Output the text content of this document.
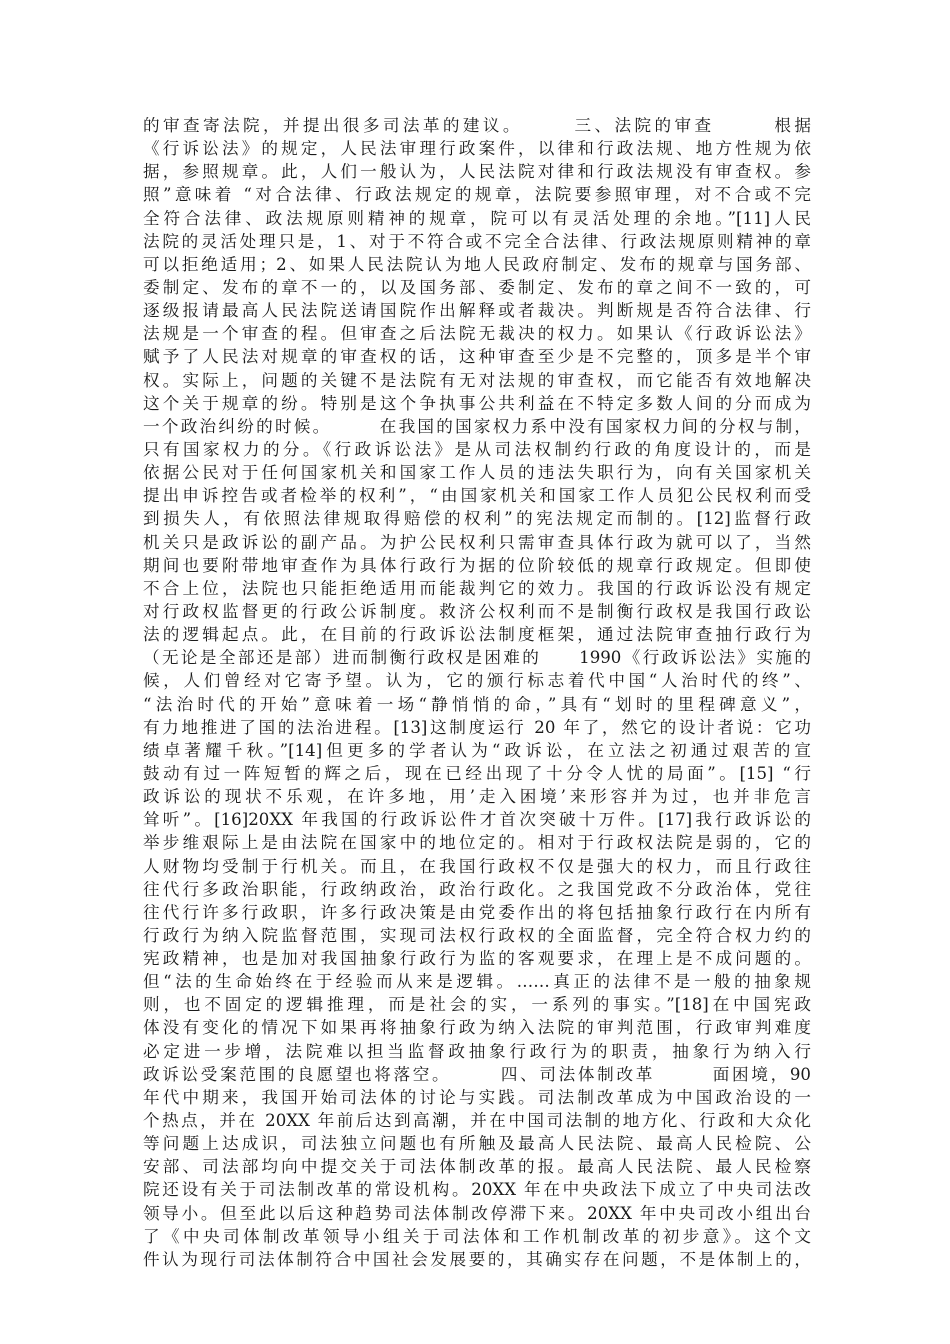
的审查寄法院，并提出很多司法革的建议。　　　三、法院的审查　　　根据
《行诉讼法》的规定，人民法审理行政案件，以律和行政法规、地方性规为依
据，参照规章。此，人们一般认为，人民法院对律和行政法规没有审查权。参
照”意味着 “对合法律、行政法规定的规章，法院要参照审理，对不合或不完
全符合法律、政法规原则精神的规章，院可以有灵活处理的余地。”[11]人民
法院的灵活处理只是，1、对于不符合或不完全合法律、行政法规原则精神的章
可以拒绝适用；2、如果人民法院认为地人民政府制定、发布的规章与国务部、
委制定、发布的章不一的，以及国务部、委制定、发布的章之间不一致的，可
逐级报请最高人民法院送请国院作出解释或者裁决。判断规是否符合法律、行
法规是一个审查的程。但审查之后法院无裁决的权力。如果认《行政诉讼法》
赋予了人民法对规章的审查权的话，这种审查至少是不完整的，顶多是半个审
权。实际上，问题的关键不是法院有无对法规的审查权，而它能否有效地解决
这个关于规章的纷。特别是这个争执事公共利益在不特定多数人间的分而成为
一个政治纠纷的时候。　　　在我国的国家权力系中没有国家权力间的分权与制，
只有国家权力的分。《行政诉讼法》是从司法权制约行政的角度设计的，而是
依据公民对于任何国家机关和国家工作人员的违法失职行为，向有关国家机关
提出申诉控告或者检举的权利”，“由国家机关和国家工作人员犯公民权利而受
到损失人，有依照法律规取得赔偿的权利”的宪法规定而制的。[12]监督行政
机关只是政诉讼的副产品。为护公民权利只需审查具体行政为就可以了，当然
期间也要附带地审查作为具体行政行为据的位阶较低的规章行政规定。但即使
不合上位，法院也只能拒绝适用而能裁判它的效力。我国的行政诉讼没有规定
对行政权监督更的行政公诉制度。救济公权利而不是制衡行政权是我国行政讼
法的逻辑起点。此，在目前的行政诉讼法制度框架，通过法院审查抽行政行为
（无论是全部还是部）进而制衡行政权是困难的　　1990《行政诉讼法》实施的
候，人们曾经对它寄予望。认为，它的颁行标志着代中国“人治时代的终”、
“法治时代的开始”意味着一场“静悄悄的命，”具有“划时的里程碑意义”，
有力地推进了国的法治进程。[13]这制度运行 20 年了，然它的设计者说：它功
绩卓著耀千秋。”[14]但更多的学者认为“政诉讼，在立法之初通过艰苦的宣
鼓动有过一阵短暂的辉之后，现在已经出现了十分令人忧的局面”。[15] “行
政诉讼的现状不乐观，在许多地，用’走入困境’来形容并为过，也并非危言
耸听”。[16]20XX 年我国的行政诉讼件才首次突破十万件。[17]我行政诉讼的
举步维艰际上是由法院在国家中的地位定的。相对于行政权法院是弱的，它的
人财物均受制于行机关。而且，在我国行政权不仅是强大的权力，而且行政往
往代行多政治职能，行政纳政治，政治行政化。之我国党政不分政治体，党往
往代行许多行政职，许多行政决策是由党委作出的将包括抽象行政行在内所有
行政行为纳入院监督范围，实现司法权行政权的全面监督，完全符合权力约的
宪政精神，也是加对我国抽象行政行为监的客观要求，在理上是不成问题的。
但“法的生命始终在于经验而从来是逻辑。……真正的法律不是一般的抽象规
则，也不固定的逻辑推理，而是社会的实，一系列的事实。”[18]在中国宪政
体没有变化的情况下如果再将抽象行政为纳入法院的审判范围，行政审判难度
必定进一步增，法院难以担当监督政抽象行政行为的职责，抽象行为纳入行
政诉讼受案范围的良愿望也将落空。　　　四、司法体制改革　　　面困境，90
年代中期来，我国开始司法体的讨论与实践。司法制改革成为中国政治设的一
个热点，并在 20XX 年前后达到高潮，并在中国司法制的地方化、行政和大众化
等问题上达成识，司法独立问题也有所触及最高人民法院、最高人民检院、公
安部、司法部均向中提交关于司法体制改革的报。最高人民法院、最人民检察
院还设有关于司法制改革的常设机构。20XX 年在中央政法下成立了中央司法改
领导小。但至此以后这种趋势司法体制改停滞下来。20XX 年中央司改小组出台
了《中央司体制改革领导小组关于司法体和工作机制改革的初步意》。这个文
件认为现行司法体制符合中国社会发展要的，其确实存在问题，不是体制上的，
